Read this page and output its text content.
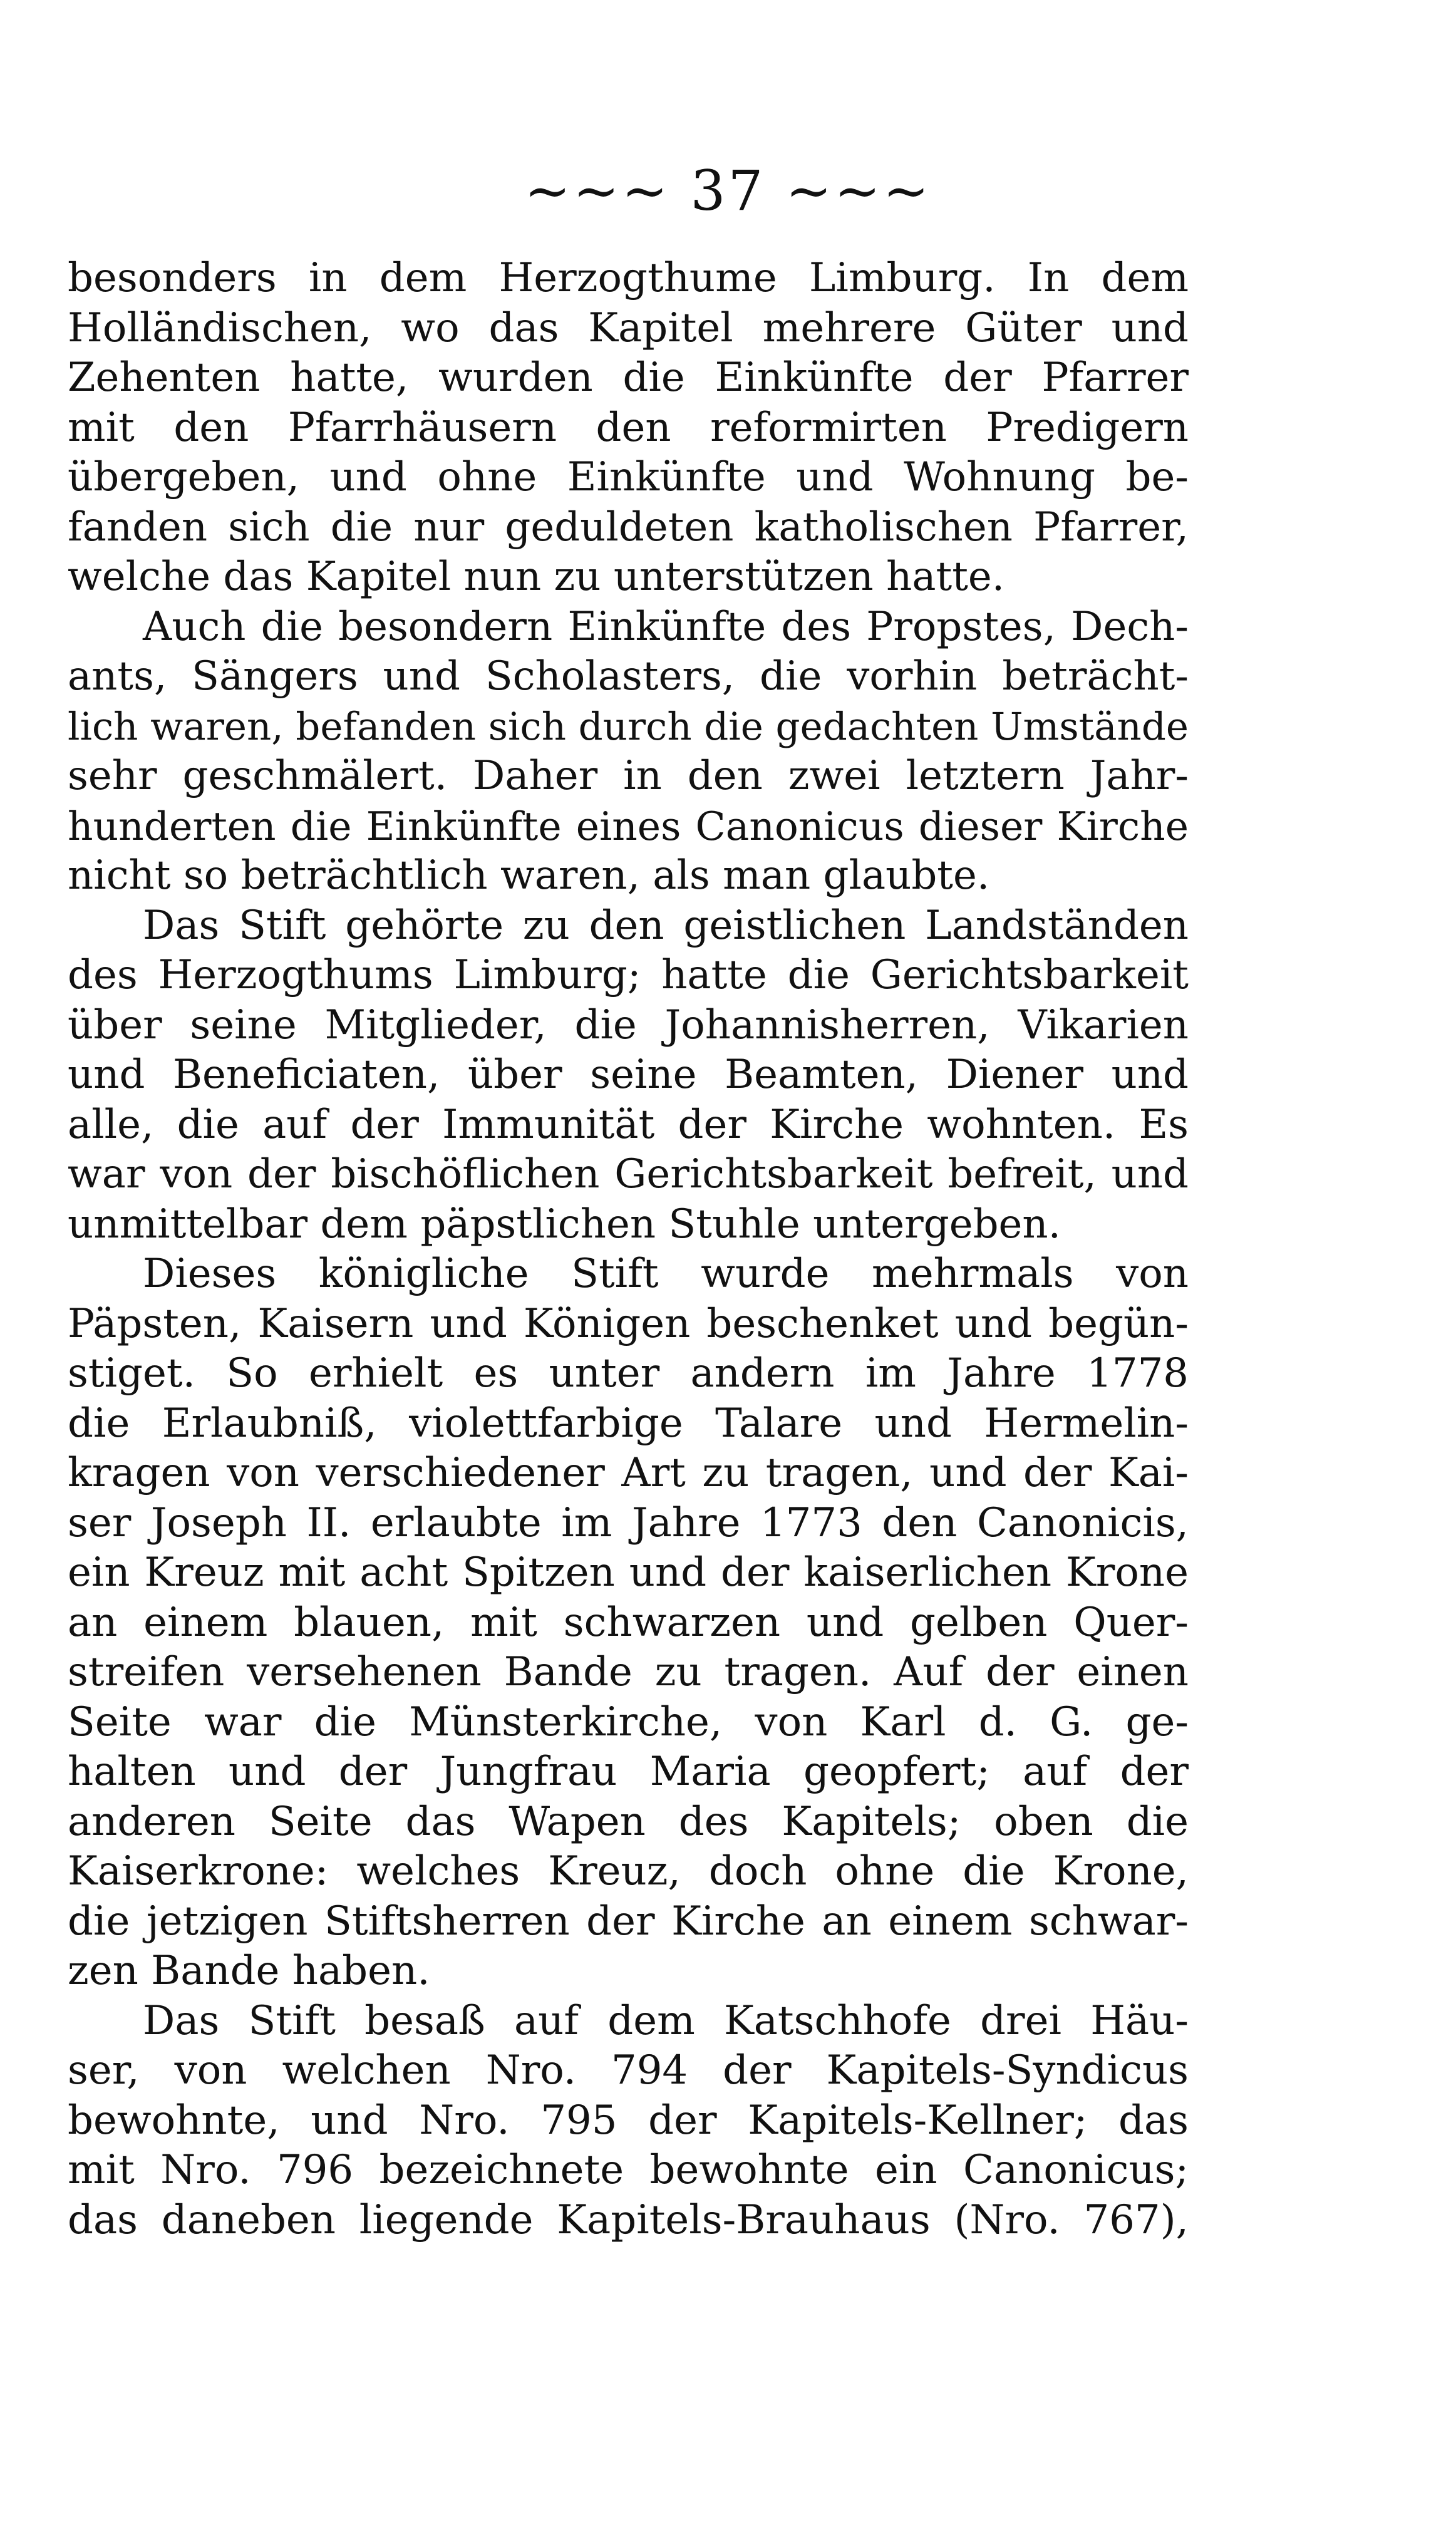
~~~ 37 ~~~
besonders in dem Herzogthume Limburg. In dem
Holländischen, wo das Kapitel mehrere Güter und
Zehenten hatte, wurden die Einkünfte der Pfarrer
mit den Pfarrhäusern den reformirten Predigern
übergeben, und ohne Einkünfte und Wohnung be-
fanden sich die nur geduldeten katholischen Pfarrer,
welche das Kapitel nun zu unterstützen hatte.
Auch die besondern Einkünfte des Propstes, Dech-
ants, Sängers und Scholasters, die vorhin beträcht-
lich waren, befanden sich durch die gedachten Umstände
sehr geschmälert. Daher in den zwei letztern Jahr-
hunderten die Einkünfte eines Canonicus dieser Kirche
nicht so beträchtlich waren, als man glaubte.
Das Stift gehörte zu den geistlichen Landständen
des Herzogthums Limburg; hatte die Gerichtsbarkeit
über seine Mitglieder, die Johannisherren, Vikarien
und Beneficiaten, über seine Beamten, Diener und
alle, die auf der Immunität der Kirche wohnten. Es
war von der bischöflichen Gerichtsbarkeit befreit, und
unmittelbar dem päpstlichen Stuhle untergeben.
Dieses königliche Stift wurde mehrmals von
Päpsten, Kaisern und Königen beschenket und begün-
stiget. So erhielt es unter andern im Jahre 1778
die Erlaubniß, violettfarbige Talare und Hermelin-
kragen von verschiedener Art zu tragen, und der Kai-
ser Joseph II. erlaubte im Jahre 1773 den Canonicis,
ein Kreuz mit acht Spitzen und der kaiserlichen Krone
an einem blauen, mit schwarzen und gelben Quer-
streifen versehenen Bande zu tragen. Auf der einen
Seite war die Münsterkirche, von Karl d. G. ge-
halten und der Jungfrau Maria geopfert; auf der
anderen Seite das Wapen des Kapitels; oben die
Kaiserkrone: welches Kreuz, doch ohne die Krone,
die jetzigen Stiftsherren der Kirche an einem schwar-
zen Bande haben.
Das Stift besaß auf dem Katschhofe drei Häu-
ser, von welchen Nro. 794 der Kapitels-Syndicus
bewohnte, und Nro. 795 der Kapitels-Kellner; das
mit Nro. 796 bezeichnete bewohnte ein Canonicus;
das daneben liegende Kapitels-Brauhaus (Nro. 767),
